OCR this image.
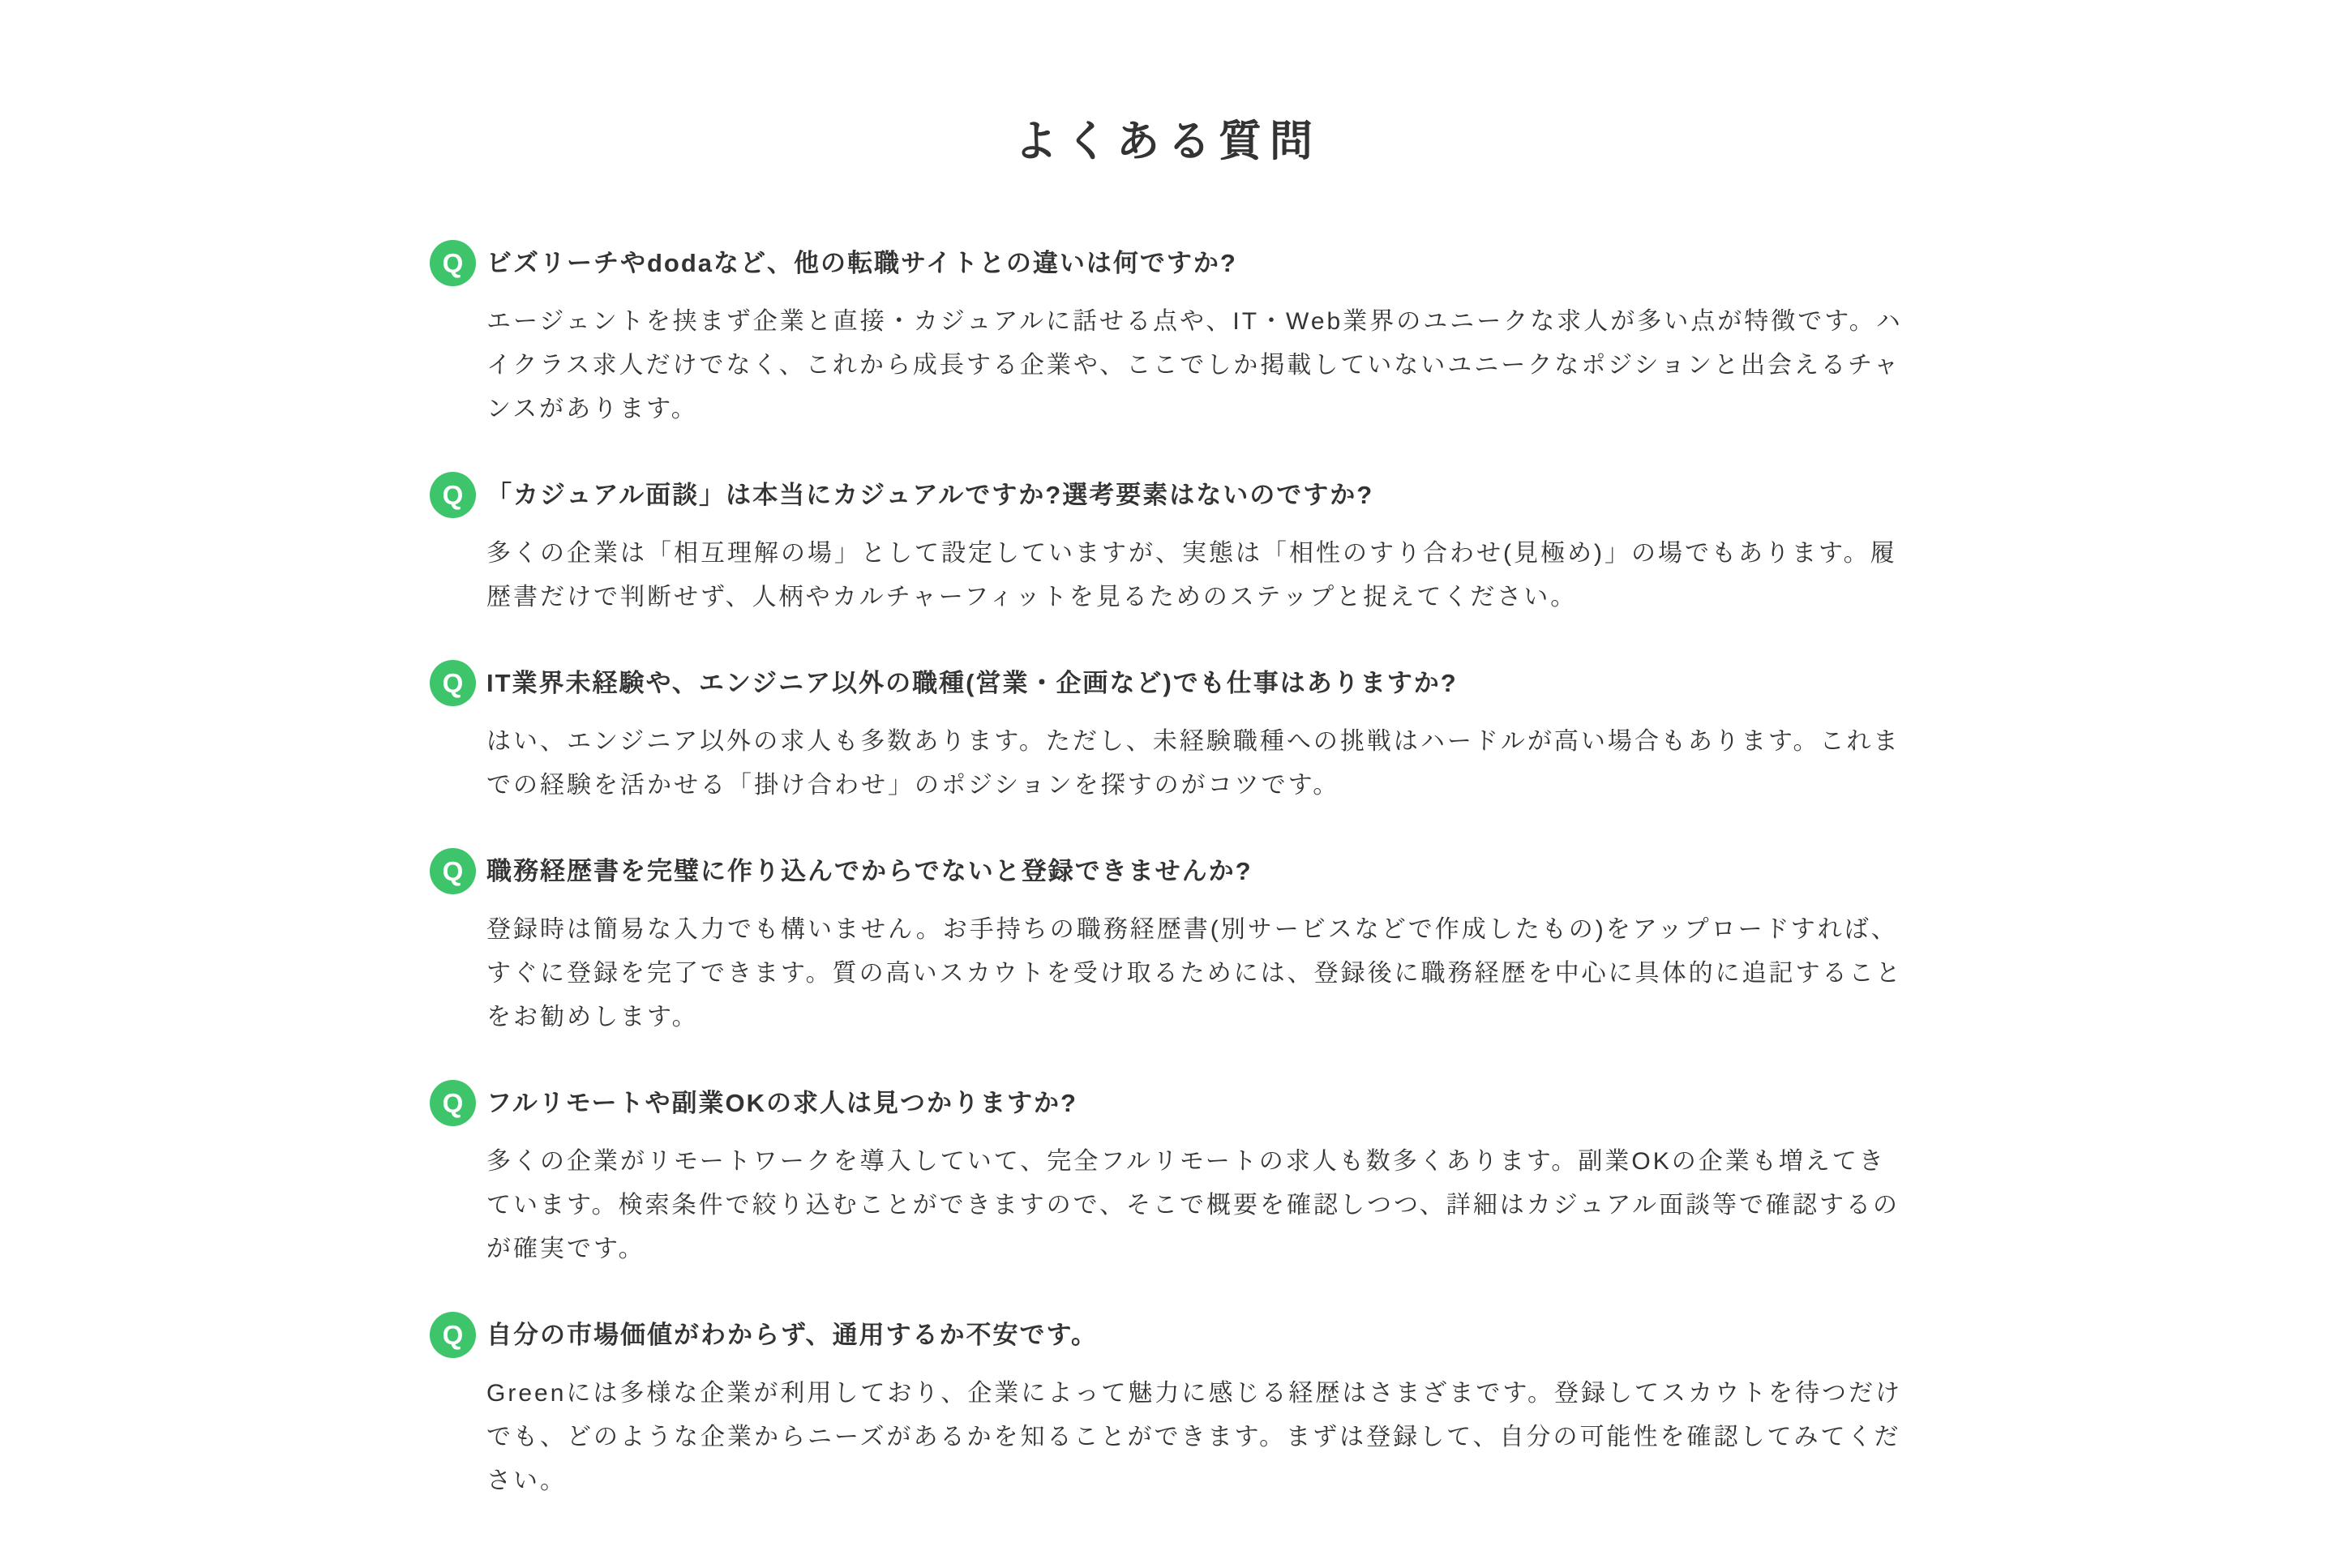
よくある質問
Q ビズリーチやdodaなど、他の転職サイトとの違いは何ですか?

エージェントを挟まず企業と直接・カジュアルに話せる点や、IT・Web業界のユニークな求人が多い点が特徴です。ハイクラス求人だけでなく、これから成長する企業や、ここでしか掲載していないユニークなポジションと出会えるチャンスがあります。

Q 「カジュアル面談」は本当にカジュアルですか?選考要素はないのですか?

多くの企業は「相互理解の場」として設定していますが、実態は「相性のすり合わせ(見極め)」の場でもあります。履歴書だけで判断せず、人柄やカルチャーフィットを見るためのステップと捉えてください。

Q IT業界未経験や、エンジニア以外の職種(営業・企画など)でも仕事はありますか?

はい、エンジニア以外の求人も多数あります。ただし、未経験職種への挑戦はハードルが高い場合もあります。これまでの経験を活かせる「掛け合わせ」のポジションを探すのがコツです。

Q 職務経歴書を完璧に作り込んでからでないと登録できませんか?

登録時は簡易な入力でも構いません。お手持ちの職務経歴書(別サービスなどで作成したもの)をアップロードすれば、すぐに登録を完了できます。質の高いスカウトを受け取るためには、登録後に職務経歴を中心に具体的に追記することをお勧めします。

Q フルリモートや副業OKの求人は見つかりますか?

多くの企業がリモートワークを導入していて、完全フルリモートの求人も数多くあります。副業OKの企業も増えてきています。検索条件で絞り込むことができますので、そこで概要を確認しつつ、詳細はカジュアル面談等で確認するのが確実です。

Q 自分の市場価値がわからず、通用するか不安です。

Greenには多様な企業が利用しており、企業によって魅力に感じる経歴はさまざまです。登録してスカウトを待つだけでも、どのような企業からニーズがあるかを知ることができます。まずは登録して、自分の可能性を確認してみてください。
